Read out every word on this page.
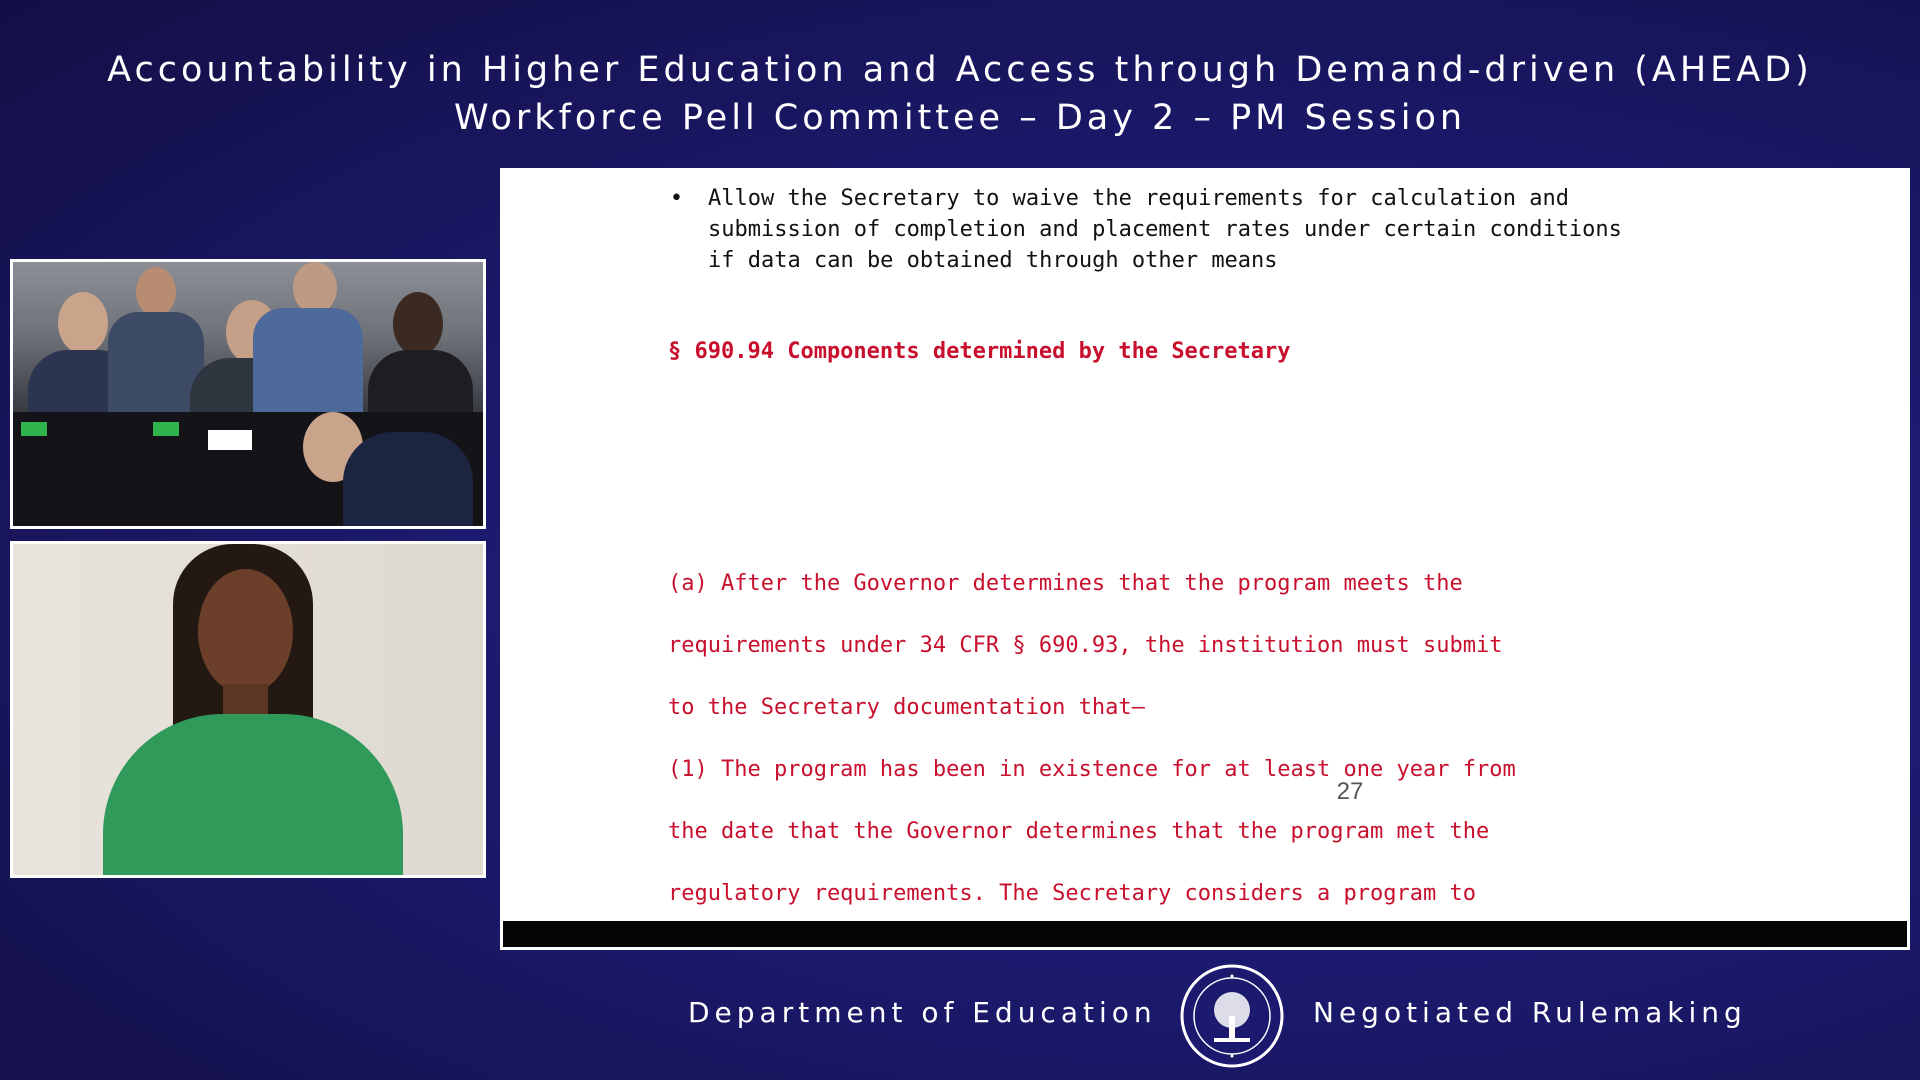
Accountability in Higher Education and Access through Demand-driven (AHEAD)
Workforce Pell Committee – Day 2 – PM Session
• Allow the Secretary to waive the requirements for calculation and submission of completion and placement rates under certain conditions if data can be obtained through other means
§ 690.94 Components determined by the Secretary
(a) After the Governor determines that the program meets the
requirements under 34 CFR § 690.93, the institution must submit
to the Secretary documentation that–
(1) The program has been in existence for at least one year from
the date that the Governor determines that the program met the
regulatory requirements. The Secretary considers a program to
27
Department of Education	Negotiated Rulemaking
